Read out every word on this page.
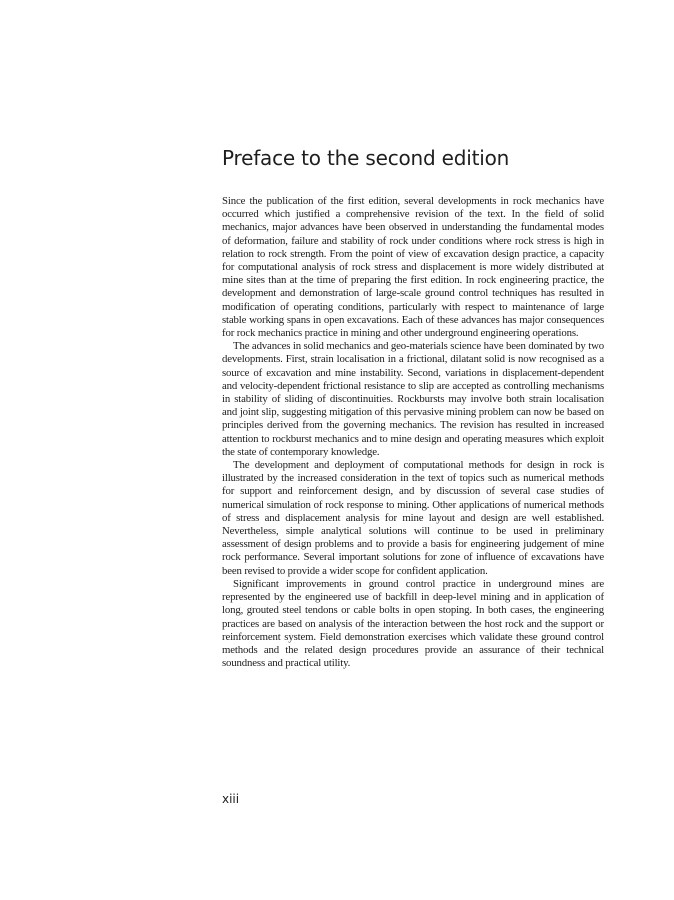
Preface to the second edition

Since the publication of the first edition, several developments in rock mechanics have occurred which justified a comprehensive revision of the text. In the field of solid mechanics, major advances have been observed in understanding the fundamental modes of deformation, failure and stability of rock under conditions where rock stress is high in relation to rock strength. From the point of view of excavation design practice, a capacity for computational analysis of rock stress and displacement is more widely distributed at mine sites than at the time of preparing the first edition. In rock engineering practice, the development and demonstration of large-scale ground control techniques has resulted in modification of operating conditions, particularly with respect to maintenance of large stable working spans in open excavations. Each of these advances has major consequences for rock mechanics practice in mining and other underground engineering operations.

The advances in solid mechanics and geo-materials science have been dominated by two developments. First, strain localisation in a frictional, dilatant solid is now recognised as a source of excavation and mine instability. Second, variations in displacement-dependent and velocity-dependent frictional resistance to slip are accepted as controlling mechanisms in stability of sliding of discontinuities. Rockbursts may involve both strain localisation and joint slip, suggesting mitigation of this pervasive mining problem can now be based on principles derived from the governing mechanics. The revision has resulted in increased attention to rockburst mechanics and to mine design and operating measures which exploit the state of contemporary knowledge.

The development and deployment of computational methods for design in rock is illustrated by the increased consideration in the text of topics such as numerical methods for support and reinforcement design, and by discussion of several case studies of numerical simulation of rock response to mining. Other applications of numerical methods of stress and displacement analysis for mine layout and design are well established. Nevertheless, simple analytical solutions will continue to be used in preliminary assessment of design problems and to provide a basis for engineering judgement of mine rock performance. Several important solutions for zone of influence of excavations have been revised to provide a wider scope for confident application.

Significant improvements in ground control practice in underground mines are represented by the engineered use of backfill in deep-level mining and in application of long, grouted steel tendons or cable bolts in open stoping. In both cases, the engineering practices are based on analysis of the interaction between the host rock and the support or reinforcement system. Field demonstration exercises which validate these ground control methods and the related design procedures provide an assurance of their technical soundness and practical utility.

xiii
